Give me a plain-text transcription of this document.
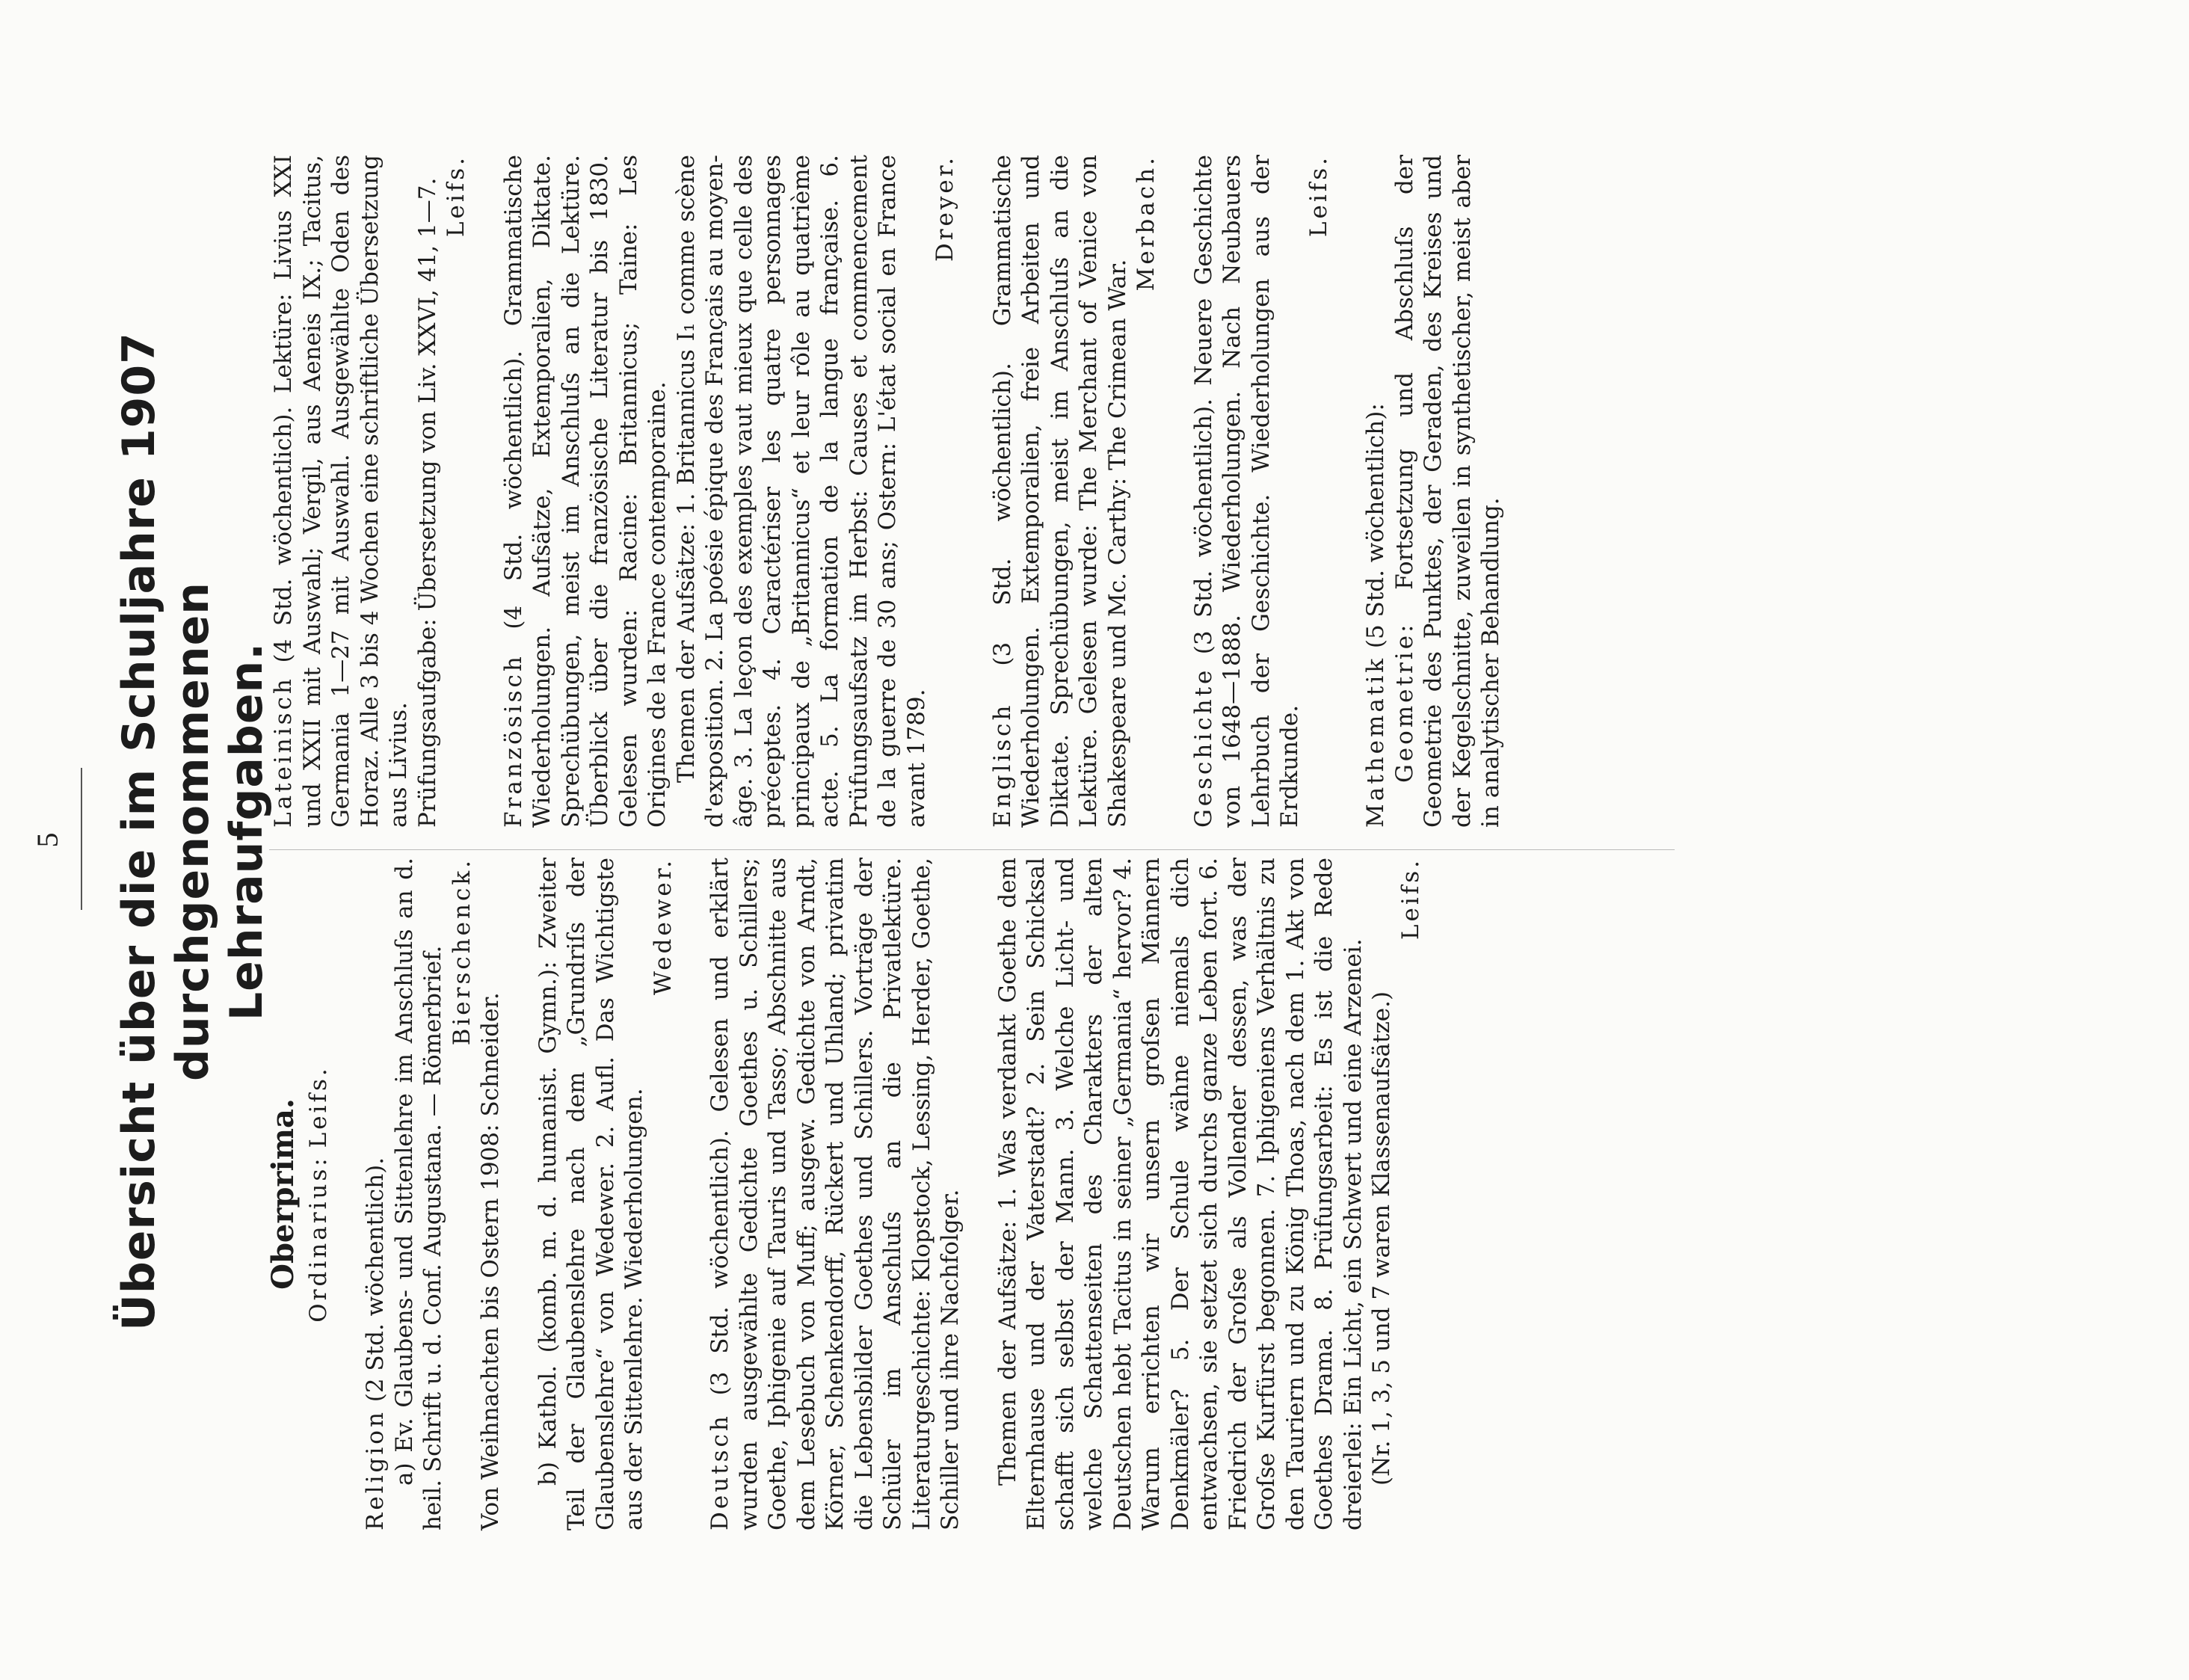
5 Übersicht über die im Schuljahre 1907 durchgenommenen Lehraufgaben.
Oberprima. Ordinarius: Leifs.

Religion (2 Std. wöchentlich). a) Ev. Glaubens- und Sittenlehre im Anschluſs an d. heil. Schrift u. d. Conf. Augustana. — Römerbrief. Bierschenck.

Von Weihnachten bis Ostern 1908: Schneider. b) Kathol. (komb. m. d. humanist. Gymn.): Zweiter Teil der Glaubenslehre nach dem „Grundriſs der Glaubenslehre“ von Wedewer. 2. Aufl. Das Wichtigste aus der Sittenlehre. Wiederholungen.

Wedewer.

Deutsch (3 Std. wöchentlich). Gelesen und erklärt wurden ausgewählte Gedichte Goethes u. Schillers; Goethe, Iphigenie auf Tauris und Tasso; Abschnitte aus dem Lesebuch von Muff; ausgew. Gedichte von Arndt, Körner, Schenkendorff, Rückert und Uhland; privatim die Lebensbilder Goethes und Schillers. Vorträge der Schüler im Anschluſs an die Privatlektüre. Literaturgeschichte: Klopstock, Lessing, Herder, Goethe, Schiller und ihre Nachfolger. Themen der Aufsätze: 1. Was verdankt Goethe dem Elternhause und der Vaterstadt? 2. Sein Schicksal schafft sich selbst der Mann. 3. Welche Licht- und welche Schattenseiten des Charakters der alten Deutschen hebt Tacitus in seiner „Germania“ hervor? 4. Warum errichten wir unsern groſsen Männern Denkmäler? 5. Der Schule wähne niemals dich entwachsen, sie setzet sich durchs ganze Leben fort. 6. Friedrich der Groſse als Vollender dessen, was der Groſse Kurfürst begonnen. 7. Iphigeniens Verhältnis zu den Tauriern und zu König Thoas, nach dem 1. Akt von Goethes Drama. 8. Prüfungsarbeit: Es ist die Rede dreierlei: Ein Licht, ein Schwert und eine Arzenei. (Nr. 1, 3, 5 und 7 waren Klassenaufsätze.)

Leifs.

Lateinisch (4 Std. wöchentlich). Lektüre: Livius XXI und XXII mit Auswahl; Vergil, aus Aeneis IX.; Tacitus, Germania 1—27 mit Auswahl. Ausgewählte Oden des Horaz. Alle 3 bis 4 Wochen eine schriftliche Übersetzung aus Livius. Prüfungsaufgabe: Übersetzung von Liv. XXVI, 41, 1—7. Leifs.

Französisch (4 Std. wöchentlich). Grammatische Wiederholungen. Aufsätze, Extemporalien, Diktate. Sprechübungen, meist im Anschluſs an die Lektüre. Überblick über die französische Literatur bis 1830. Gelesen wurden: Racine: Britannicus; Taine: Les Origines de la France contemporaine. Themen der Aufsätze: 1. Britannicus I₁ comme scène d'exposition. 2. La poésie épique des Français au moyen-âge. 3. La leçon des exemples vaut mieux que celle des préceptes. 4. Caractériser les quatre personnages principaux de „Britannicus“ et leur rôle au quatrième acte. 5. La formation de la langue française. 6. Prüfungsaufsatz im Herbst: Causes et commencement de la guerre de 30 ans; Ostern: L'état social en France avant 1789.

Dreyer.

Englisch (3 Std. wöchentlich). Grammatische Wiederholungen. Extemporalien, freie Arbeiten und Diktate. Sprechübungen, meist im Anschluſs an die Lektüre. Gelesen wurde: The Merchant of Venice von Shakespeare und Mc. Carthy: The Crimean War.

Merbach.

Geschichte (3 Std. wöchentlich). Neuere Geschichte von 1648—1888. Wiederholungen. Nach Neubauers Lehrbuch der Geschichte. Wiederholungen aus der Erdkunde.

Leifs.

Mathematik (5 Std. wöchentlich):

Geometrie: Fortsetzung und Abschluſs der Geometrie des Punktes, der Geraden, des Kreises und der Kegelschnitte, zuweilen in synthetischer, meist aber in analytischer Behandlung.
